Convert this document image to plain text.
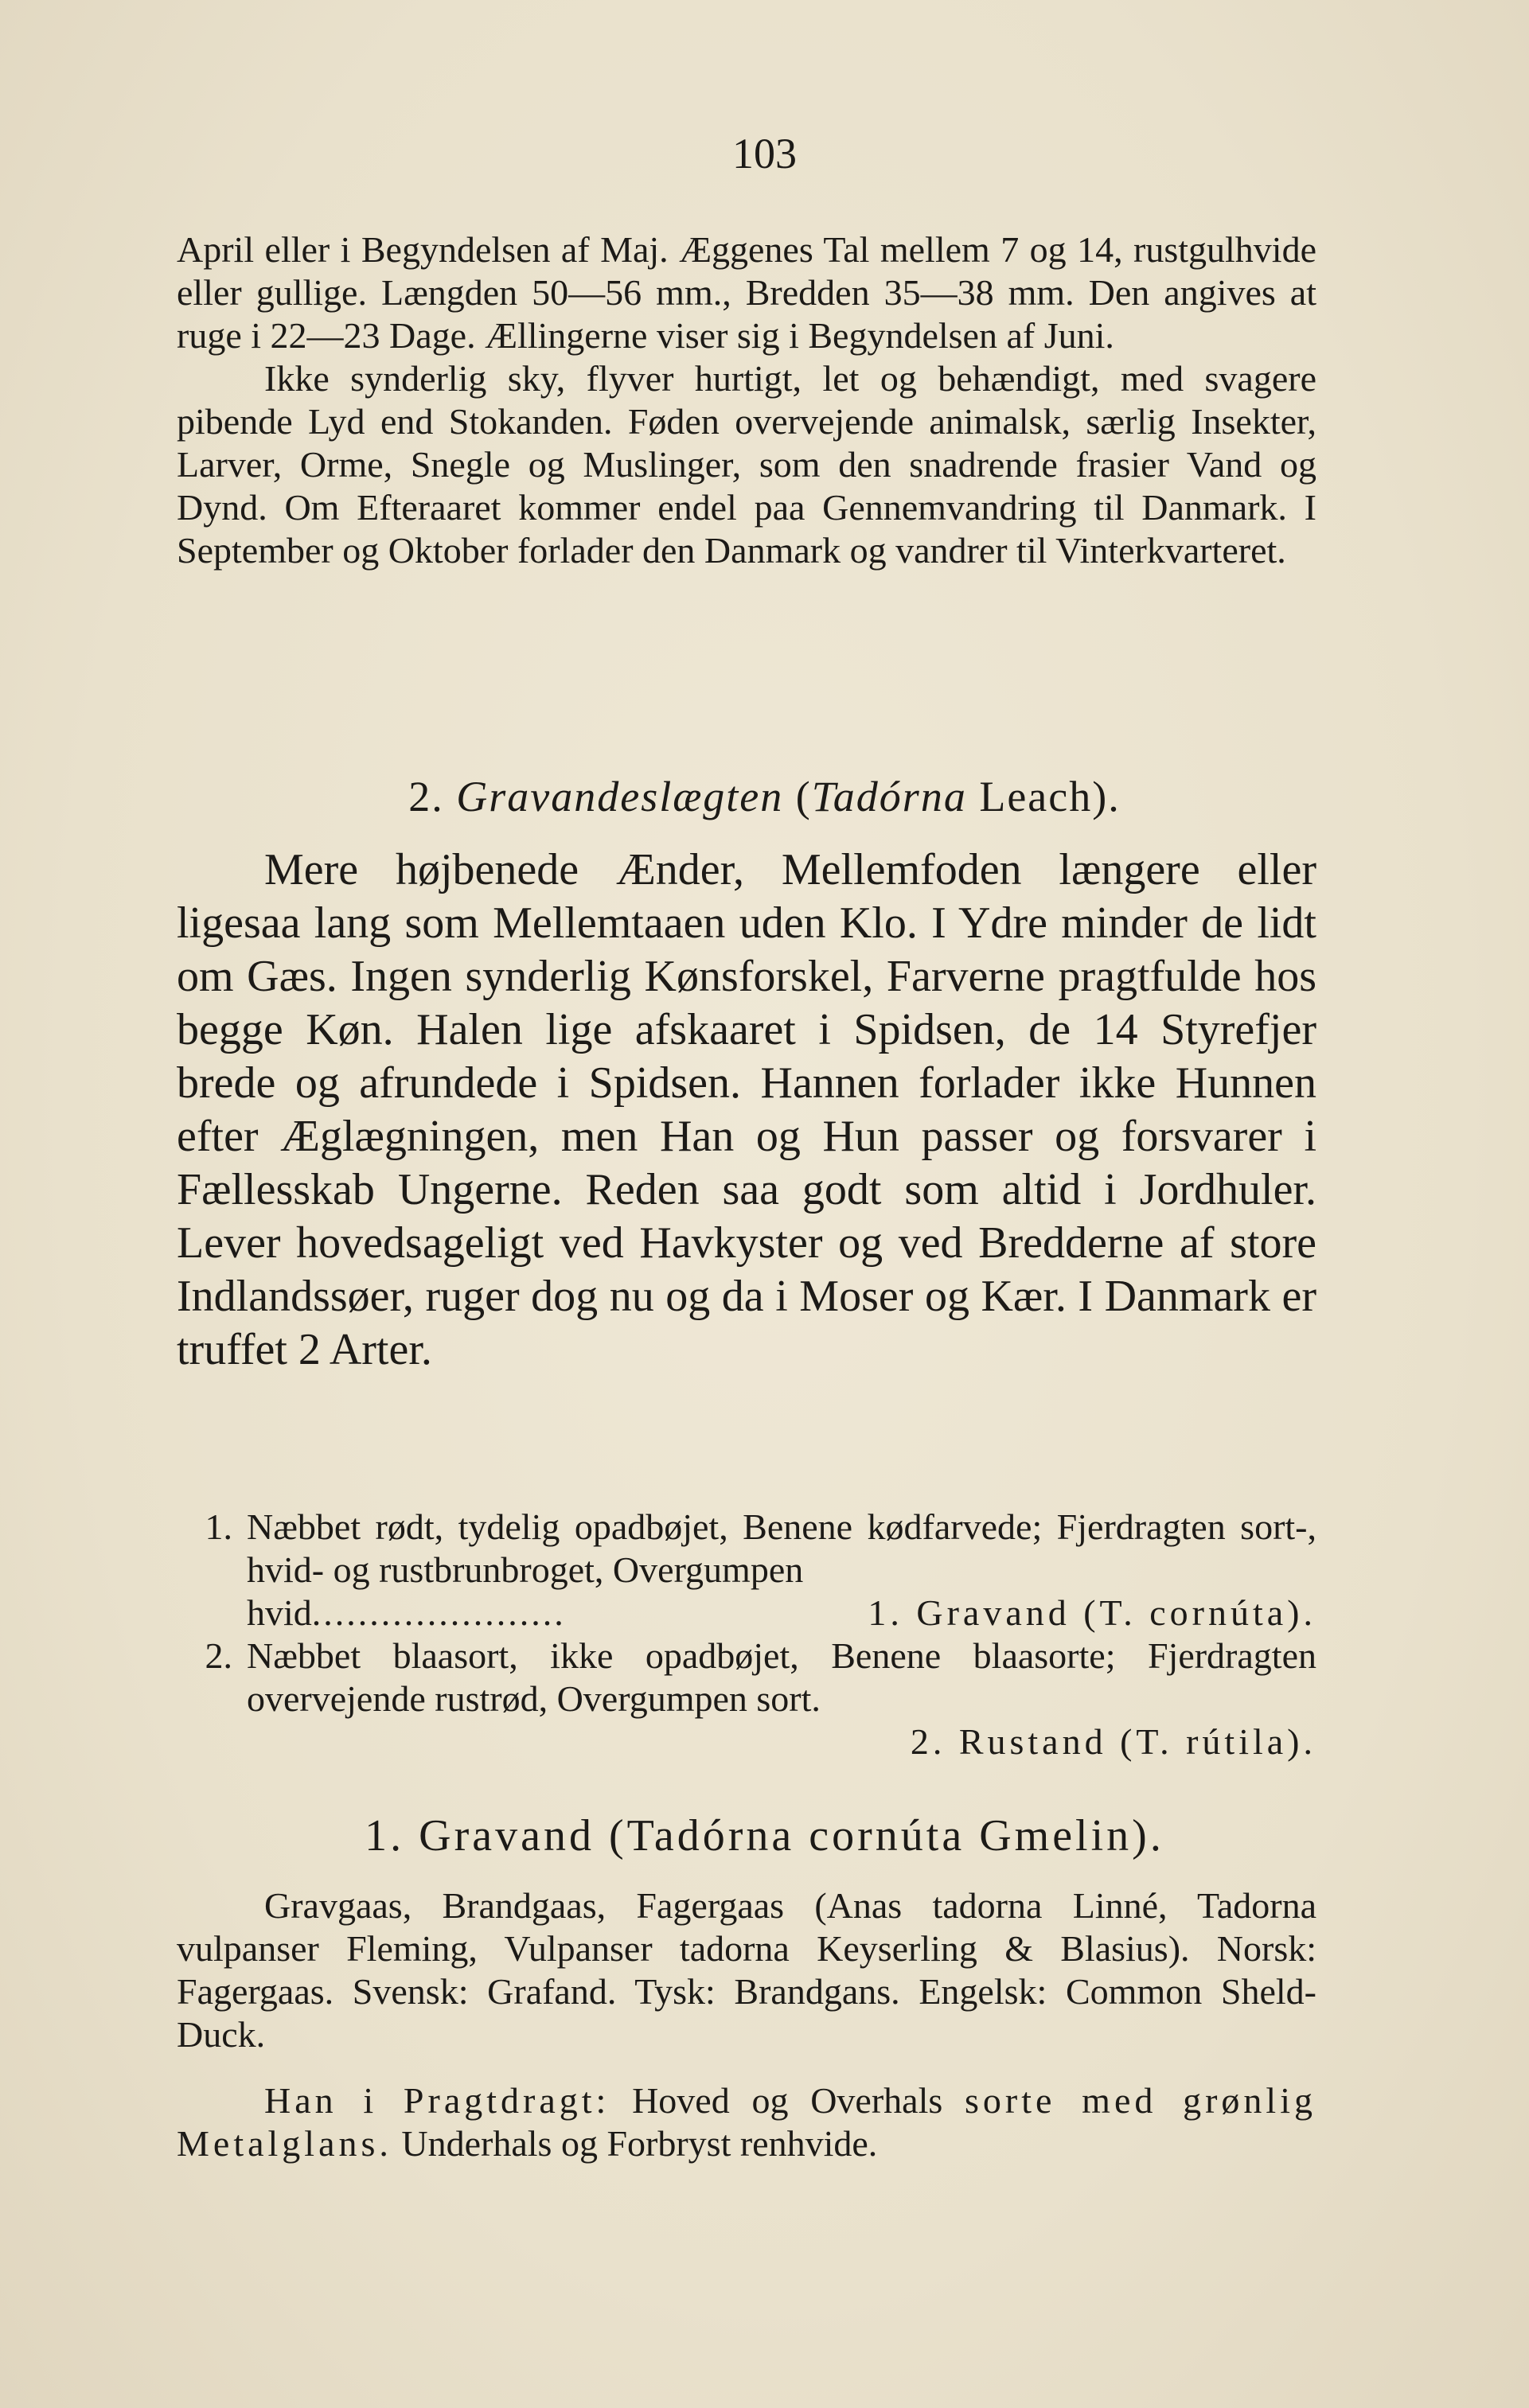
103

April eller i Begyndelsen af Maj. Æggenes Tal mellem 7 og 14, rustgulhvide eller gullige. Længden 50—56 mm., Bredden 35—38 mm. Den angives at ruge i 22—23 Dage. Ællingerne viser sig i Begyndelsen af Juni.

Ikke synderlig sky, flyver hurtigt, let og behændigt, med svagere pibende Lyd end Stokanden. Føden overvejende animalsk, særlig Insekter, Larver, Orme, Snegle og Muslinger, som den snadrende frasier Vand og Dynd. Om Efteraaret kommer endel paa Gennemvandring til Danmark. I September og Oktober forlader den Danmark og vandrer til Vinterkvarteret.

2. Gravandeslægten (Tadórna Leach).

Mere højbenede Ænder, Mellemfoden længere eller ligesaa lang som Mellemtaaen uden Klo. I Ydre minder de lidt om Gæs. Ingen synderlig Kønsforskel, Farverne pragtfulde hos begge Køn. Halen lige afskaaret i Spidsen, de 14 Styrefjer brede og afrundede i Spidsen. Hannen forlader ikke Hunnen efter Æglægningen, men Han og Hun passer og forsvarer i Fællesskab Ungerne. Reden saa godt som altid i Jordhuler. Lever hovedsageligt ved Havkyster og ved Bredderne af store Indlandssøer, ruger dog nu og da i Moser og Kær. I Danmark er truffet 2 Arter.

1. Næbbet rødt, tydelig opadbøjet, Benene kødfarvede; Fjerdragten sort-, hvid- og rustbrunbroget, Overgumpen
hvid......................	1. Gravand (T. cornúta).
2. Næbbet blaasort, ikke opadbøjet, Benene blaasorte; Fjerdragten overvejende rustrød, Overgumpen sort.
2. Rustand (T. rútila).
1. Gravand (Tadórna cornúta Gmelin).

Gravgaas, Brandgaas, Fagergaas (Anas tadorna Linné, Tadorna vulpanser Fleming, Vulpanser tadorna Keyserling & Blasius). Norsk: Fagergaas. Svensk: Grafand. Tysk: Brandgans. Engelsk: Common Sheld-Duck.

Han i Pragtdragt: Hoved og Overhals sorte med grønlig Metalglans. Underhals og Forbryst renhvide.
